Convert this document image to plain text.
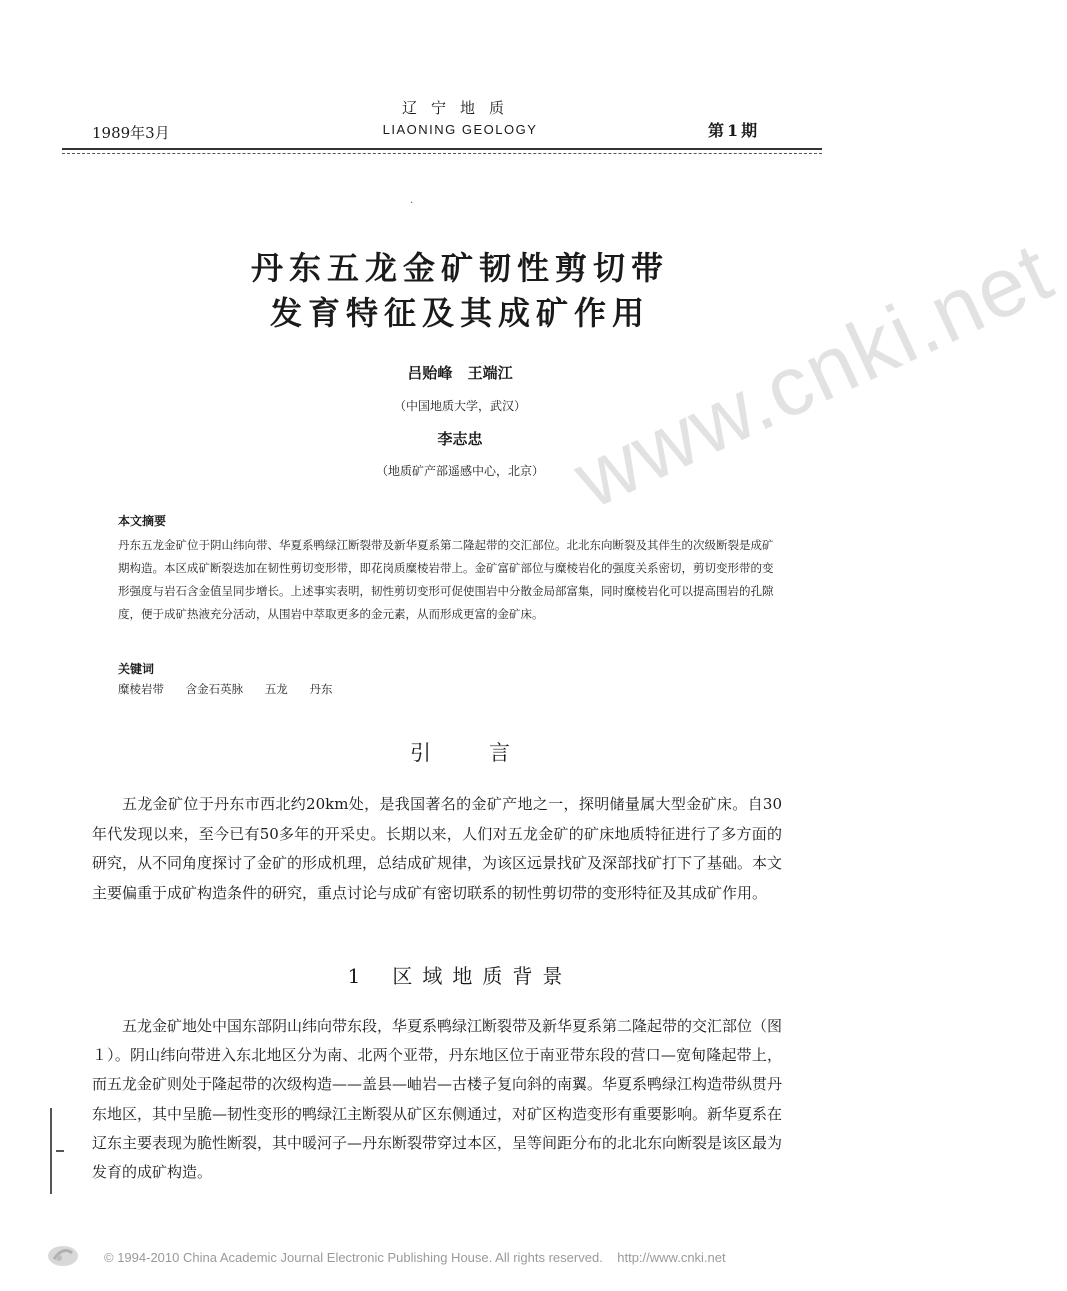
1989年3月
辽宁地质
LIAONING GEOLOGY	第1期
·
www.cnki.net
丹东五龙金矿韧性剪切带
发育特征及其成矿作用
吕贻峰 王端江
（中国地质大学，武汉）
李志忠
（地质矿产部遥感中心，北京）
本文摘要
丹东五龙金矿位于阴山纬向带、华夏系鸭绿江断裂带及新华夏系第二隆起带的交汇部位。北北东向断裂及其伴生的次级断裂是成矿期构造。本区成矿断裂迭加在韧性剪切变形带，即花岗质糜棱岩带上。金矿富矿部位与糜棱岩化的强度关系密切，剪切变形带的变形强度与岩石含金值呈同步增长。上述事实表明，韧性剪切变形可促使围岩中分散金局部富集，同时糜棱岩化可以提高围岩的孔隙度，便于成矿热液充分活动，从围岩中萃取更多的金元素，从而形成更富的金矿床。
关键词
糜棱岩带 含金石英脉 五龙 丹东
引言
五龙金矿位于丹东市西北约20km处，是我国著名的金矿产地之一，探明储量属大型金矿床。自30年代发现以来，至今已有50多年的开采史。长期以来，人们对五龙金矿的矿床地质特征进行了多方面的研究，从不同角度探讨了金矿的形成机理，总结成矿规律，为该区远景找矿及深部找矿打下了基础。本文主要偏重于成矿构造条件的研究，重点讨论与成矿有密切联系的韧性剪切带的变形特征及其成矿作用。
1 区域地质背景
五龙金矿地处中国东部阴山纬向带东段，华夏系鸭绿江断裂带及新华夏系第二隆起带的交汇部位（图１）。阴山纬向带进入东北地区分为南、北两个亚带，丹东地区位于南亚带东段的营口—宽甸隆起带上，而五龙金矿则处于隆起带的次级构造——盖县—岫岩—古楼子复向斜的南翼。华夏系鸭绿江构造带纵贯丹东地区，其中呈脆—韧性变形的鸭绿江主断裂从矿区东侧通过，对矿区构造变形有重要影响。新华夏系在辽东主要表现为脆性断裂，其中暖河子—丹东断裂带穿过本区，呈等间距分布的北北东向断裂是该区最为发育的成矿构造。
© 1994-2010 China Academic Journal Electronic Publishing House. All rights reserved.    http://www.cnki.net
